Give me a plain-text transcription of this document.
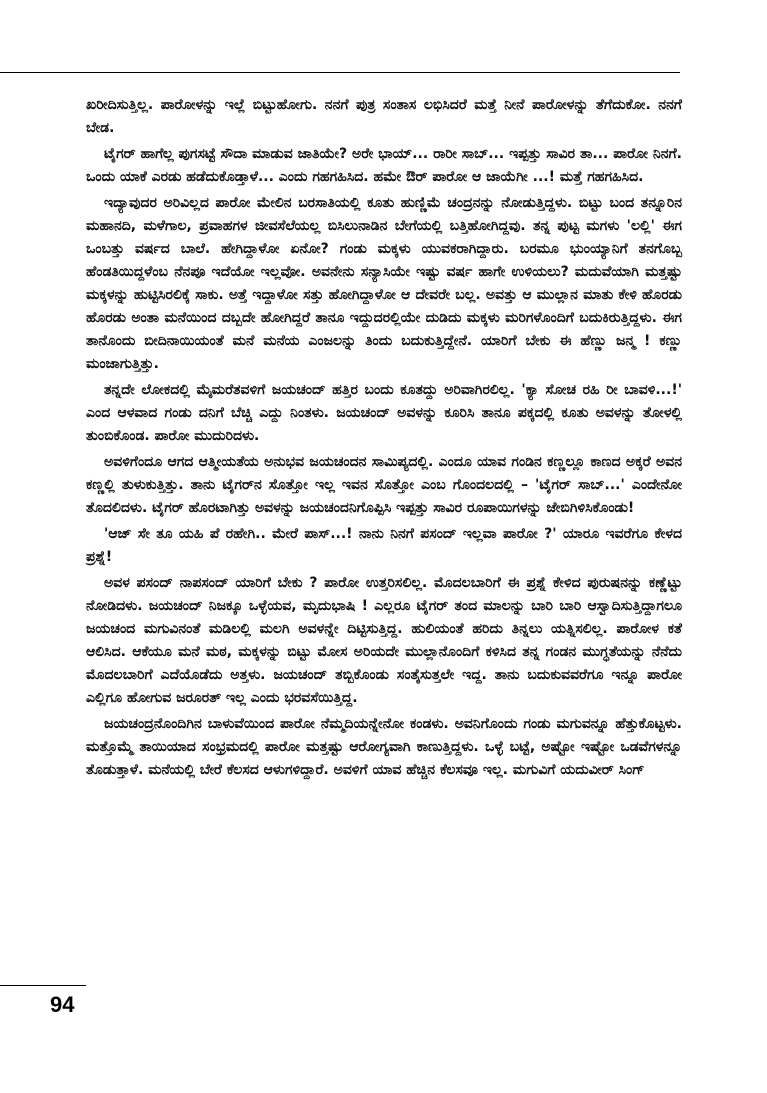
ಖರೀದಿಸುತ್ತಿಲ್ಲ. ಪಾರೋಳನ್ನು ಇಲ್ಲೆ ಬಿಟ್ಟುಹೋಗು. ನನಗೆ ಪುತ್ರ ಸಂತಾಸ ಲಭಿಸಿದರೆ ಮತ್ತೆ ನೀನೆ ಪಾರೋಳನ್ನು ತೆಗೆದುಕೋ. ನನಗೆ ಬೇಡ.

ಟೈಗರ್ ಹಾಗೆಲ್ಲ ಪುಗಸಟ್ಟೆ ಸೌದಾ ಮಾಡುವ ಜಾತಿಯೇ? ಅರೇ ಭಾಯ್... ರಾರೀ ಸಾಬ್... ಇಪ್ಪತ್ತು ಸಾವಿರ ತಾ... ಪಾರೋ ನಿನಗೆ. ಒಂದು ಯಾಕೆ ಎರಡು ಹಡೆದುಕೊಡ್ತಾಳೆ... ಎಂದು ಗಹಗಹಿಸಿದ. ಹಮೇ ಔರ್ ಪಾರೋ ಆ ಜಾಯೆಗೀ ...! ಮತ್ತೆ ಗಹಗಹಿಸಿದ.

ಇದ್ಯಾವುದರ ಅರಿವಿಲ್ಲದ ಪಾರೋ ಮೇಲಿನ ಬರಸಾತಿಯಲ್ಲಿ ಕೂತು ಹುಣ್ಣಿಮೆ ಚಂದ್ರನನ್ನು ನೋಡುತ್ತಿದ್ದಳು. ಬಿಟ್ಟು ಬಂದ ತನ್ನೂರಿನ ಮಹಾನದಿ, ಮಳೆಗಾಲ, ಪ್ರವಾಹಗಳ ಜೀವಸೆಲೆಯಲ್ಲ ಬಿಸಿಲುನಾಡಿನ ಬೇಗೆಯಲ್ಲಿ ಬತ್ತಿಹೋಗಿದ್ದವು. ತನ್ನ ಪುಟ್ಟ ಮಗಳು 'ಲಲ್ಲಿ' ಈಗ ಒಂಬತ್ತು ವರ್ಷದ ಬಾಲೆ. ಹೇಗಿದ್ದಾಳೋ ಏನೋ? ಗಂಡು ಮಕ್ಕಳು ಯುವಕರಾಗಿದ್ದಾರು. ಬರಮೂ ಭುಂಯ್ಯಾನಿಗೆ ತನಗೊಬ್ಬ ಹೆಂಡತಿಯಿದ್ದಳೆಂಬ ನೆನಪೂ ಇದೆಯೋ ಇಲ್ಲವೋ. ಅವನೇನು ಸನ್ಯಾಸಿಯೇ ಇಷ್ಟು ವರ್ಷ ಹಾಗೇ ಉಳಿಯಲು? ಮದುವೆಯಾಗಿ ಮತ್ತಷ್ಟು ಮಕ್ಕಳನ್ನು ಹುಟ್ಟಿಸಿರಲಿಕ್ಕೆ ಸಾಕು. ಅತ್ತೆ ಇದ್ದಾಳೋ ಸತ್ತು ಹೋಗಿದ್ದಾಳೋ ಆ ದೇವರೇ ಬಲ್ಲ. ಅವತ್ತು ಆ ಮುಲ್ಲಾನ ಮಾತು ಕೇಳಿ ಹೊರಡು ಹೊರಡು ಅಂತಾ ಮನೆಯಿಂದ ದಬ್ಬದೇ ಹೋಗಿದ್ದರೆ ತಾನೂ ಇದ್ದುದರಲ್ಲಿಯೇ ದುಡಿದು ಮಕ್ಕಳು ಮರಿಗಳೊಂದಿಗೆ ಬದುಕಿರುತ್ತಿದ್ದಳು. ಈಗ ತಾನೊಂದು ಬೀದಿನಾಯಿಯಂತೆ ಮನೆ ಮನೆಯ ಎಂಜಲನ್ನು ತಿಂದು ಬದುಕುತ್ತಿದ್ದೇನೆ. ಯಾರಿಗೆ ಬೇಕು ಈ ಹೆಣ್ಣು ಜನ್ಮ ! ಕಣ್ಣು ಮಂಜಾಗುತ್ತಿತ್ತು.

ತನ್ನದೇ ಲೋಕದಲ್ಲಿ ಮೈಮರೆತವಳಿಗೆ ಜಯಚಂದ್ ಹತ್ತಿರ ಬಂದು ಕೂತದ್ದು ಅರಿವಾಗಿರಲಿಲ್ಲ. 'ಕ್ಯಾ ಸೋಚ ರಹಿ ರೀ ಬಾವಳಿ...!' ಎಂದ ಆಳವಾದ ಗಂಡು ದನಿಗೆ ಬೆಚ್ಚಿ ಎದ್ದು ನಿಂತಳು. ಜಯಚಂದ್ ಅವಳನ್ನು ಕೂರಿಸಿ ತಾನೂ ಪಕ್ಕದಲ್ಲಿ ಕೂತು ಅವಳನ್ನು ತೋಳಲ್ಲಿ ತುಂಬಿಕೊಂಡ. ಪಾರೋ ಮುದುರಿದಳು.

ಅವಳಿಗೆಂದೂ ಆಗದ ಆತ್ಮೀಯತೆಯ ಅನುಭವ ಜಯಚಂದನ ಸಾಮಿಪ್ಯದಲ್ಲಿ. ಎಂದೂ ಯಾವ ಗಂಡಿನ ಕಣ್ಣಲ್ಲೂ ಕಾಣದ ಅಕ್ಕರೆ ಅವನ ಕಣ್ಣಲ್ಲಿ ತುಳುಕುತ್ತಿತ್ತು. ತಾನು ಟೈಗರ್‌ನ ಸೊತ್ತೋ ಇಲ್ಲ ಇವನ ಸೊತ್ತೋ ಎಂಬ ಗೊಂದಲದಲ್ಲಿ – 'ಟೈಗರ್ ಸಾಬ್...' ಎಂದೇನೋ ತೊದಲಿದಳು. ಟೈಗರ್ ಹೊರಟಾಗಿತ್ತು ಅವಳನ್ನು ಜಯಚಂದನಿಗೊಪ್ಪಿಸಿ ಇಪ್ಪತ್ತು ಸಾವಿರ ರೂಪಾಯಿಗಳನ್ನು ಜೇಬಿಗಿಳಿಸಿಕೊಂಡು!

'ಆಜ್ ಸೇ ತೂ ಯಹಿ ಪೆ ರಹೇಗಿ.. ಮೇರೆ ಪಾಸ್...! ನಾನು ನಿನಗೆ ಪಸಂದ್ ಇಲ್ಲವಾ ಪಾರೋ ?' ಯಾರೂ ಇವರೆಗೂ ಕೇಳದ ಪ್ರಶ್ನೆ!

ಅವಳ ಪಸಂದ್ ನಾಪಸಂದ್ ಯಾರಿಗೆ ಬೇಕು ? ಪಾರೋ ಉತ್ತರಿಸಲಿಲ್ಲ. ಮೊದಲಬಾರಿಗೆ ಈ ಪ್ರಶ್ನೆ ಕೇಳಿದ ಪುರುಷನನ್ನು ಕಣ್ಣೆಟ್ಟು ನೋಡಿದಳು. ಜಯಚಂದ್ ನಿಜಕ್ಕೂ ಒಳ್ಳೆಯವ, ಮೃದುಭಾಷಿ ! ಎಲ್ಲರೂ ಟೈಗರ್ ತಂದ ಮಾಲನ್ನು ಬಾರಿ ಬಾರಿ ಆಸ್ವಾದಿಸುತ್ತಿದ್ದಾಗಲೂ ಜಯಚಂದ ಮಗುವಿನಂತೆ ಮಡಿಲಲ್ಲಿ ಮಲಗಿ ಅವಳನ್ನೇ ದಿಟ್ಟಿಸುತ್ತಿದ್ದ. ಹುಲಿಯಂತೆ ಹರಿದು ತಿನ್ನಲು ಯತ್ನಿಸಲಿಲ್ಲ. ಪಾರೋಳ ಕತೆ ಆಲಿಸಿದ. ಆಕೆಯೂ ಮನೆ ಮಠ, ಮಕ್ಕಳನ್ನು ಬಿಟ್ಟು ಮೋಸ ಅರಿಯದೇ ಮುಲ್ಲಾನೊಂದಿಗೆ ಕಳಿಸಿದ ತನ್ನ ಗಂಡನ ಮುಗ್ಧತೆಯನ್ನು ನೆನೆದು ಮೊದಲಬಾರಿಗೆ ಎದೆಯೊಡೆದು ಅತ್ತಳು. ಜಯಚಂದ್ ತಬ್ಬಿಕೊಂಡು ಸಂತೈಸುತ್ತಲೇ ಇದ್ದ. ತಾನು ಬದುಕುವವರೆಗೂ ಇನ್ನೂ ಪಾರೋ ಎಲ್ಲಿಗೂ ಹೋಗುವ ಜರೂರತ್ ಇಲ್ಲ ಎಂದು ಭರವಸೆಯಿತ್ತಿದ್ದ.

ಜಯಚಂದ್ರನೊಂದಿಗಿನ ಬಾಳುವೆಯಿಂದ ಪಾರೋ ನೆಮ್ಮದಿಯನ್ನೇನೋ ಕಂಡಳು. ಅವನಿಗೊಂದು ಗಂಡು ಮಗುವನ್ನೂ ಹೆತ್ತುಕೊಟ್ಟಳು. ಮತ್ತೊಮ್ಮೆ ತಾಯಿಯಾದ ಸಂಭ್ರಮದಲ್ಲಿ ಪಾರೋ ಮತ್ತಷ್ಟು ಆರೋಗ್ಯವಾಗಿ ಕಾಣುತ್ತಿದ್ದಳು. ಒಳ್ಳೆ ಬಟ್ಟೆ, ಅಷ್ಟೋ ಇಷ್ಟೋ ಒಡವೆಗಳನ್ನೂ ತೊಡುತ್ತಾಳೆ. ಮನೆಯಲ್ಲಿ ಬೇರೆ ಕೆಲಸದ ಆಳುಗಳಿದ್ದಾರೆ. ಅವಳಿಗೆ ಯಾವ ಹೆಚ್ಚಿನ ಕೆಲಸವೂ ಇಲ್ಲ. ಮಗುವಿಗೆ ಯದುವೀರ್ ಸಿಂಗ್

94
